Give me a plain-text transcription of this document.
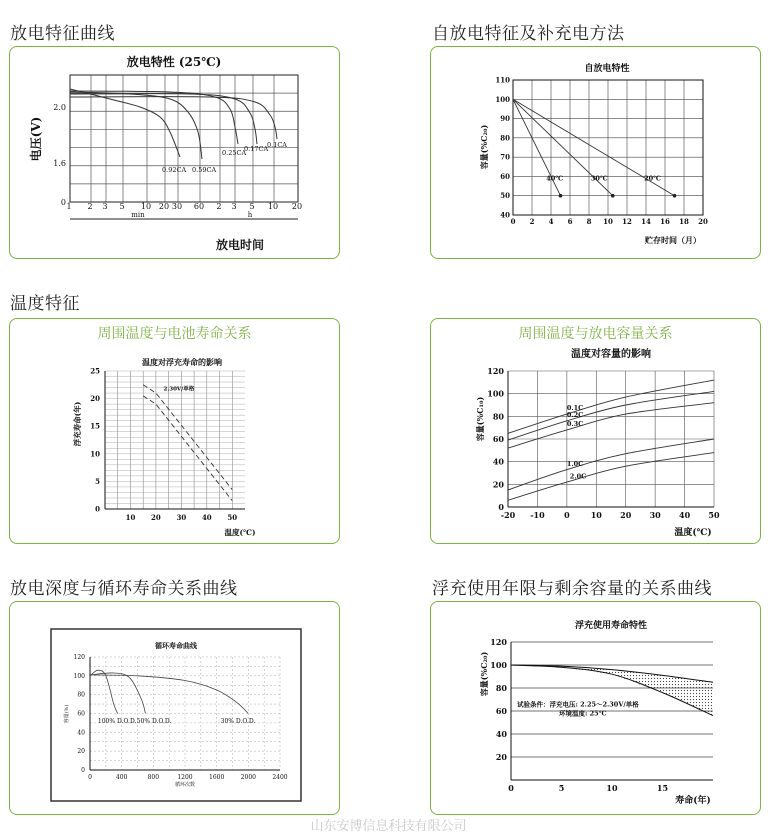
放电特征曲线	自放电特征及补充电方法
温度特征
放电深度与循环寿命关系曲线	浮充使用年限与剩余容量的关系曲线
放电特性 (25℃)
电压(V)
2.0
1.6
0 1 2 3 5 10 20 30 60 2 3 5 10 20
min	h
放电时间
0.92CA 0.59CA
0.25CA
0.17CA
0.1CA
自放电特性
0 2 4 6 8 10 12 14 16 18 20
40
50
60
70
80
90
100
110
容量(%C₂₀)
贮存时间（月）
40℃	30℃	20℃
周围温度与电池寿命关系
温度对浮充寿命的影响
10 20 30 40 50
0
5
10
15
20
25
浮充寿命(年)
温度(℃)
2.30V/单格
周围温度与放电容量关系
温度对容量的影响
-20 -10 0	10 20 30 40 50
0
20
40
60
80
100
120
容量(%C₁₀)
温度(℃)
0.1C
0.2C
0.3C
1.0C
2.0C
循环寿命曲线
0	400	800	1200	1600	2000	2400
0
20
40
60
80
100
120
容量(%)
循环次数
100% D.O.D. 50% D.O.D.	30% D.O.D.
浮充使用寿命特性
0	5	10	15
20
40
60
80
100
120
容量(%C₂₀)
寿命(年)
试验条件：浮充电压: 2.25～2.30V/单格
环境温度: 25℃
山东安博信息科技有限公司
